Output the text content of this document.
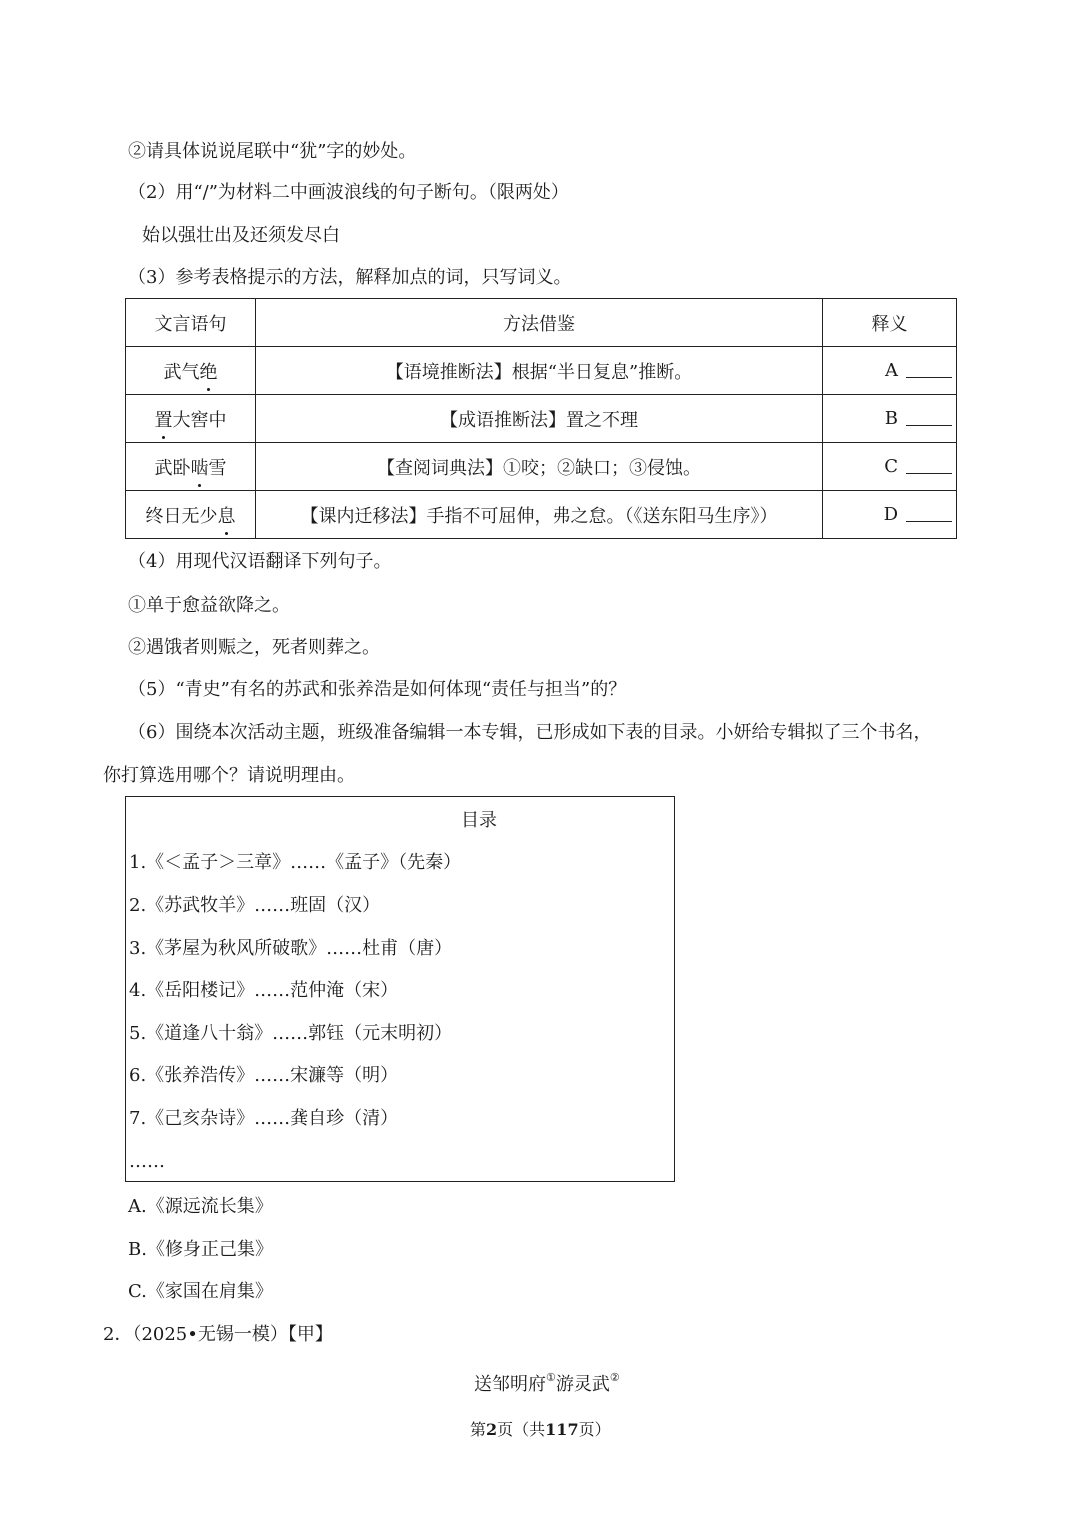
②请具体说说尾联中“犹”字的妙处。
（2）用“/”为材料二中画波浪线的句子断句。（限两处）
始以强壮出及还须发尽白
（3）参考表格提示的方法，解释加点的词，只写词义。
文言语句	方法借鉴	释义
武气绝	【语境推断法】根据“半日复息”推断。	A
置大窖中	【成语推断法】置之不理	B
武卧啮雪	【查阅词典法】①咬；②缺口；③侵蚀。	C
终日无少息	【课内迁移法】手指不可屈伸，弗之怠。（《送东阳马生序》）	D
（4）用现代汉语翻译下列句子。
①单于愈益欲降之。
②遇饿者则赈之，死者则葬之。
（5）“青史”有名的苏武和张养浩是如何体现“责任与担当”的？
（6）围绕本次活动主题，班级准备编辑一本专辑，已形成如下表的目录。小妍给专辑拟了三个书名，
你打算选用哪个？请说明理由。
目录
1.《＜孟子＞三章》……《孟子》（先秦）
2.《苏武牧羊》……班固（汉）
3.《茅屋为秋风所破歌》……杜甫（唐）
4.《岳阳楼记》……范仲淹（宋）
5.《道逢八十翁》……郭钰（元末明初）
6.《张养浩传》……宋濂等（明）
7.《己亥杂诗》……龚自珍（清）
……
A.《源远流长集》
B.《修身正己集》
C.《家国在肩集》
2．（2025•无锡一模）【甲】
送邹明府①游灵武②
第2页（共117页）
